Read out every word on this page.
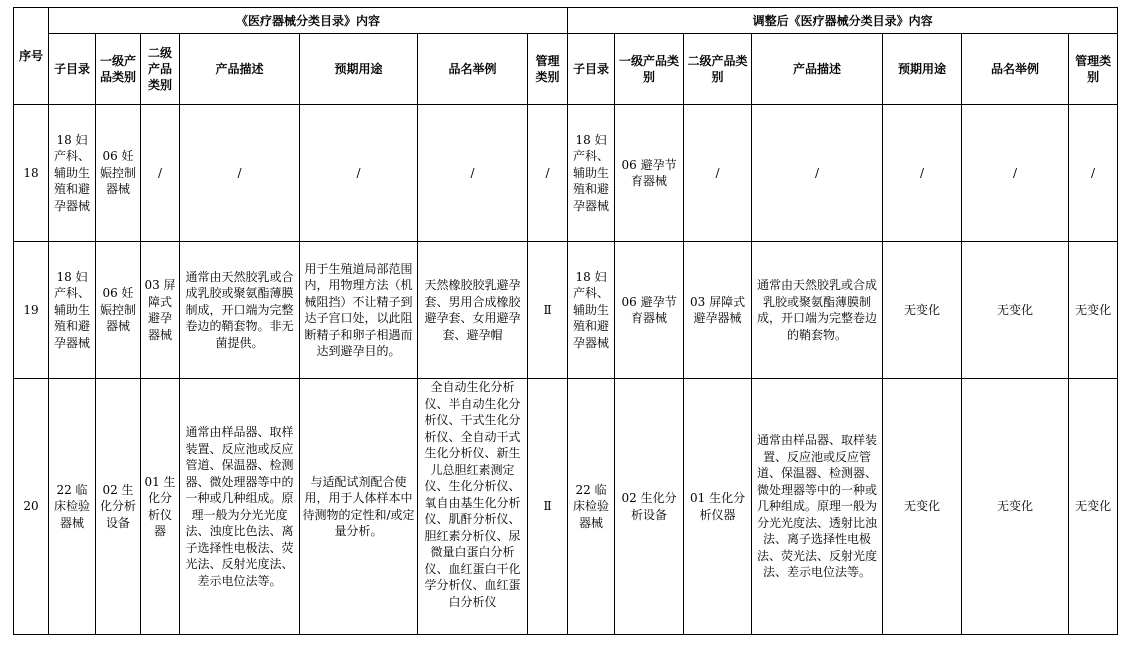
序号	《医疗器械分类目录》内容							调整后《医疗器械分类目录》内容						
	子目录	一级产品类别	二级产品类别	产品描述	预期用途	品名举例	管理类别	子目录	一级产品类别	二级产品类别	产品描述	预期用途	品名举例	管理类别
18	18 妇产科、辅助生殖和避孕器械	06 妊娠控制器械	/	/	/	/	/	18 妇产科、辅助生殖和避孕器械	06 避孕节育器械	/	/	/	/	/
19	18 妇产科、辅助生殖和避孕器械	06 妊娠控制器械	03 屏障式避孕器械	通常由天然胶乳或合成乳胶或聚氨酯薄膜制成，开口端为完整卷边的鞘套物。非无菌提供。	用于生殖道局部范围内，用物理方法（机械阻挡）不让精子到达子宫口处，以此阻断精子和卵子相遇而达到避孕目的。	天然橡胶胶乳避孕套、男用合成橡胶避孕套、女用避孕套、避孕帽	Ⅱ	18 妇产科、辅助生殖和避孕器械	06 避孕节育器械	03 屏障式避孕器械	通常由天然胶乳或合成乳胶或聚氨酯薄膜制成，开口端为完整卷边的鞘套物。	无变化	无变化	无变化
20	22 临床检验器械	02 生化分析设备	01 生化分析仪器	通常由样品器、取样装置、反应池或反应管道、保温器、检测器、微处理器等中的一种或几种组成。原理一般为分光光度法、浊度比色法、离子选择性电极法、荧光法、反射光度法、差示电位法等。	与适配试剂配合使用，用于人体样本中待测物的定性和/或定量分析。	全自动生化分析仪、半自动生化分析仪、干式生化分析仪、全自动干式生化分析仪、新生儿总胆红素测定仪、生化分析仪、氧自由基生化分析仪、肌酐分析仪、胆红素分析仪、尿微量白蛋白分析仪、血红蛋白干化学分析仪、血红蛋白分析仪	Ⅱ	22 临床检验器械	02 生化分析设备	01 生化分析仪器	通常由样品器、取样装置、反应池或反应管道、保温器、检测器、微处理器等中的一种或几种组成。原理一般为分光光度法、透射比浊法、离子选择性电极法、荧光法、反射光度法、差示电位法等。	无变化	无变化	无变化
